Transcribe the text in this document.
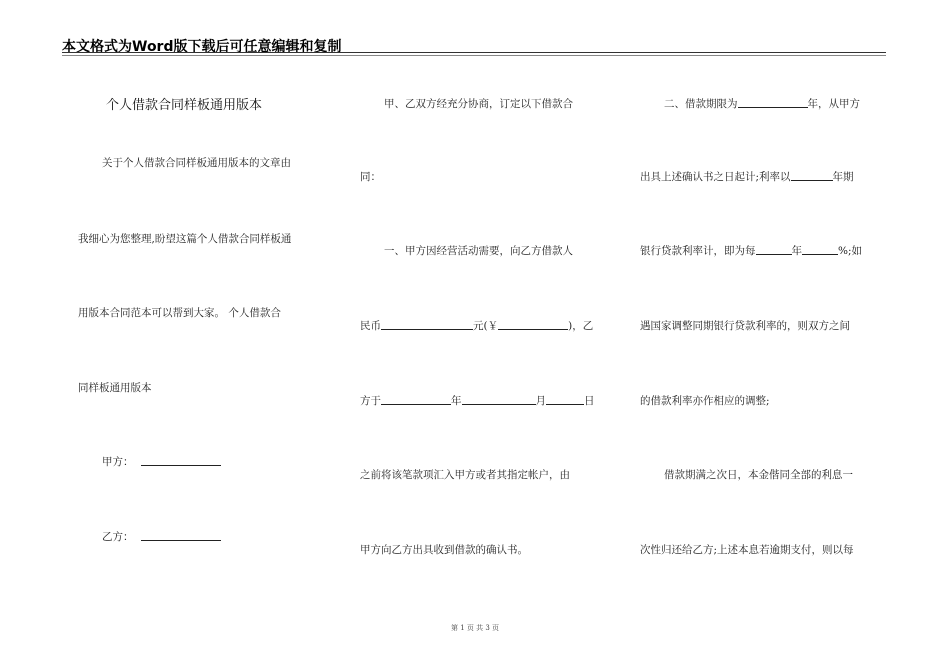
本文格式为Word版下载后可任意编辑和复制
个人借款合同样板通用版本
关于个人借款合同样板通用版本的文章由
我细心为您整理,盼望这篇个人借款合同样板通
用版本合同范本可以帮到大家。 个人借款合
同样板通用版本
甲方：
乙方：
甲、乙双方经充分协商，订定以下借款合
同：
一、甲方因经营活动需要，向乙方借款人
民币	元(￥	)，乙
方于	年	月	日
之前将该笔款项汇入甲方或者其指定帐户，由
甲方向乙方出具收到借款的确认书。
二、借款期限为	年，从甲方
出具上述确认书之日起计;利率以	年期
银行贷款利率计，即为每	年	%;如
遇国家调整同期银行贷款利率的，则双方之间
的借款利率亦作相应的调整;
借款期满之次日，本金偕同全部的利息一
次性归还给乙方;上述本息若逾期支付，则以每
第 1 页 共 3 页
